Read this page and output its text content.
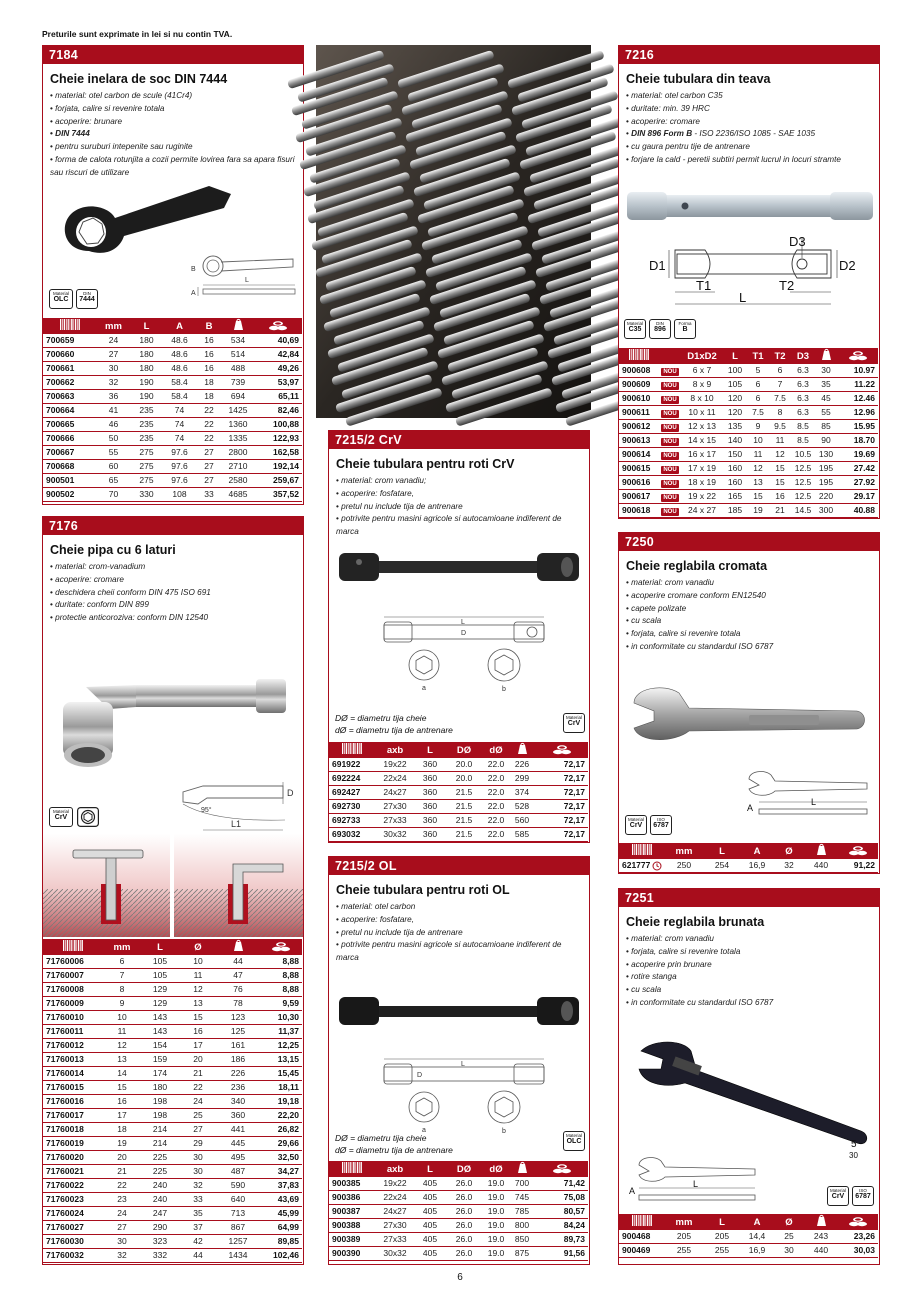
Preturile sunt exprimate in lei si nu contin TVA.
7184
Cheie inelara de soc DIN 7444
• material: otel carbon de scule (41Cr4)
• forjata, calire si revenire totala
• acoperire: brunare
• DIN 7444
• pentru suruburi intepenite sau ruginite
• forma de calota rotunjita a cozii permite lovirea fara sa apara fisuri sau riscuri de utilizare
B
A
L
Material
OLC
DIN
7444
	mm	L	A	B		
700659	24	180	48.6	16	534	40,69
700660	27	180	48.6	16	514	42,84
700661	30	180	48.6	16	488	49,26
700662	32	190	58.4	18	739	53,97
700663	36	190	58.4	18	694	65,11
700664	41	235	74	22	1425	82,46
700665	46	235	74	22	1360	100,88
700666	50	235	74	22	1335	122,93
700667	55	275	97.6	27	2800	162,58
700668	60	275	97.6	27	2710	192,14
900501	65	275	97.6	27	2580	259,67
900502	70	330	108	33	4685	357,52
7176
Cheie pipa cu 6 laturi
• material: crom-vanadium
• acoperire: cromare
• deschidera cheii conform DIN 475 ISO 691
• duritate: conform DIN 899
• protectie anticoroziva: conform DIN 12540
D
95°
L1
Material
CrV
	mm	L	Ø		
71760006	6	105	10	44	8,88
71760007	7	105	11	47	8,88
71760008	8	129	12	76	8,88
71760009	9	129	13	78	9,59
71760010	10	143	15	123	10,30
71760011	11	143	16	125	11,37
71760012	12	154	17	161	12,25
71760013	13	159	20	186	13,15
71760014	14	174	21	226	15,45
71760015	15	180	22	236	18,11
71760016	16	198	24	340	19,18
71760017	17	198	25	360	22,20
71760018	18	214	27	441	26,82
71760019	19	214	29	445	29,66
71760020	20	225	30	495	32,50
71760021	21	225	30	487	34,27
71760022	22	240	32	590	37,83
71760023	23	240	33	640	43,69
71760024	24	247	35	713	45,99
71760027	27	290	37	867	64,99
71760030	30	323	42	1257	89,85
71760032	32	332	44	1434	102,46
7215/2 CrV
Cheie tubulara pentru roti CrV
• material: crom vanadiu;
• acoperire: fosfatare,
• pretul nu include tija de antrenare
• potrivite pentru masini agricole si autocamioane indiferent de marca
L
D
a	b
DØ = diametru tija cheie
dØ = diametru tija de antrenare
Material
CrV
	axb	L	DØ	dØ		
691922	19x22	360	20.0	22.0	226	72,17
692224	22x24	360	20.0	22.0	299	72,17
692427	24x27	360	21.5	22.0	374	72,17
692730	27x30	360	21.5	22.0	528	72,17
692733	27x33	360	21.5	22.0	560	72,17
693032	30x32	360	21.5	22.0	585	72,17
7215/2 OL
Cheie tubulara pentru roti OL
• material: otel carbon
• acoperire: fosfatare,
• pretul nu include tija de antrenare
• potrivite pentru masini agricole si autocamioane indiferent de marca
L
D
a	b
DØ = diametru tija cheie
dØ = diametru tija de antrenare
Material
OLC
	axb	L	DØ	dØ		
900385	19x22	405	26.0	19.0	700	71,42
900386	22x24	405	26.0	19.0	745	75,08
900387	24x27	405	26.0	19.0	785	80,57
900388	27x30	405	26.0	19.0	800	84,24
900389	27x33	405	26.0	19.0	850	89,73
900390	30x32	405	26.0	19.0	875	91,56
7216
Cheie tubulara din teava
• material: otel carbon C35
• duritate: min. 39 HRC
• acoperire: cromare
• DIN 896 Form B - ISO 2236/ISO 1085 - SAE 1035
• cu gaura pentru tije de antrenare
• forjare la cald - peretii subtiri permit lucrul in locuri stramte
D1	D2
D3
T1	T2
L
Material
C35
DIN
896
Forma
B
		D1xD2	L	T1	T2	D3		
900608	NOU	6 x 7	100	5	6	6.3	30	10.97
900609	NOU	8 x 9	105	6	7	6.3	35	11.22
900610	NOU	8 x 10	120	6	7.5	6.3	45	12.46
900611	NOU	10 x 11	120	7.5	8	6.3	55	12.96
900612	NOU	12 x 13	135	9	9.5	8.5	85	15.95
900613	NOU	14 x 15	140	10	11	8.5	90	18.70
900614	NOU	16 x 17	150	11	12	10.5	130	19.69
900615	NOU	17 x 19	160	12	15	12.5	195	27.42
900616	NOU	18 x 19	160	13	15	12.5	195	27.92
900617	NOU	19 x 22	165	15	16	12.5	220	29.17
900618	NOU	24 x 27	185	19	21	14.5	300	40.88
7250
Cheie reglabila cromata
• material: crom vanadiu
• acoperire cromare conform EN12540
• capete polizate
• cu scala
• forjata, calire si revenire totala
• in conformitate cu standardul ISO 6787
A
L
Material
CrV
ISO
6787
	mm	L	A	Ø		
621777	250	254	16,9	32	440	91,22
7251
Cheie reglabila brunata
• material: crom vanadiu
• forjata, calire si revenire totala
• acoperire prin brunare
• rotire stanga
• cu scala
• in conformitate cu standardul ISO 6787
5
30
A
L
Material
CrV
ISO
6787
	mm	L	A	Ø		
900468	205	205	14,4	25	243	23,26
900469	255	255	16,9	30	440	30,03
6
